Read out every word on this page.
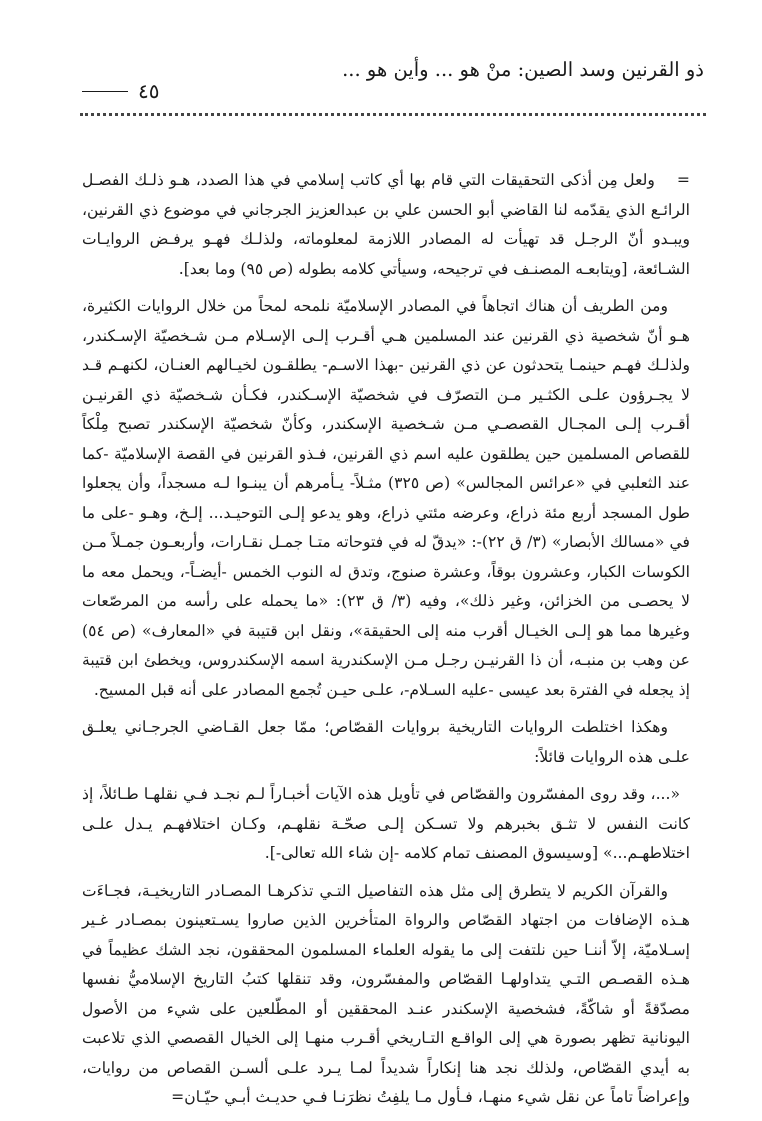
ذو القرنين وسد الصين: منْ هو ... وأين هو ...
٤٥

=ولعل مِن أذكى التحقيقات التي قام بها أي كاتب إسلامي في هذا الصدد، هـو ذلـك الفصـل الرائـع الذي يقدّمه لنا القاضي أبو الحسن علي بن عبدالعزيز الجرجاني في موضوع ذي القرنين، ويبـدو أنّ الرجـل قد تهيأت له المصادر اللازمة لمعلوماته، ولذلـك فهـو يرفـض الروايـات الشـائعة، [ويتابعـه المصنـف في ترجيحه، وسيأتي كلامه بطوله (ص ٩٥) وما بعد].

ومن الطريف أن هناك اتجاهاً في المصادر الإسلاميّة نلمحه لمحاً من خلال الروايات الكثيرة، هـو أنّ شخصية ذي القرنين عند المسلمين هـي أقـرب إلـى الإسـلام مـن شـخصيّة الإسـكندر، ولذلـك فهـم حينمـا يتحدثون عن ذي القرنين -بهذا الاسـم- يطلقـون لخيـالهم العنـان، لكنهـم قـد لا يجـرؤون علـى الكثـير مـن التصرّف في شخصيّة الإسـكندر، فكـأن شـخصيّة ذي القرنيـن أقـرب إلـى المجـال القصصـي مـن شـخصية الإسكندر، وكأنّ شخصيّة الإسكندر تصبح مِلْكاً للقصاص المسلمين حين يطلقون عليه اسم ذي القرنين، فـذو القرنين في القصة الإسلاميّة -كما عند الثعلبي في «عرائس المجالس» (ص ٣٢٥) مثـلاً- يـأمرهم أن يبنـوا لـه مسجداً، وأن يجعلوا طول المسجد أربع مئة ذراع، وعرضه مئتي ذراع، وهو يدعو إلـى التوحيـد... إلـخ، وهـو -على ما في «مسالك الأبصار» (٣/ ق ٢٢)-: «يدقّ له في فتوحاته متـا جمـل نقـارات، وأربعـون جمـلاً مـن الكوسات الكبار، وعشرون بوقاً، وعشرة صنوج، وتدق له النوب الخمس -أيضـاً-، ويحمل معه ما لا يحصـى من الخزائن، وغير ذلك»، وفيه (٣/ ق ٢٣): «ما يحمله على رأسه من المرصّعات وغيرها مما هو إلـى الخيـال أقرب منه إلى الحقيقة»، ونقل ابن قتيبة في «المعارف» (ص ٥٤) عن وهب بن منبـه، أن ذا القرنيـن رجـل مـن الإسكندرية اسمه الإسكندروس، ويخطئ ابن قتيبة إذ يجعله في الفترة بعد عيسى -عليه السـلام-، علـى حيـن تُجمع المصادر على أنه قبل المسيح.

وهكذا اختلطت الروايات التاريخية بروايات القصّاص؛ ممّا جعل القـاضي الجرجـاني يعلـق علـى هذه الروايات قائلاً:

«...، وقد روى المفسّرون والقصّاص في تأويل هذه الآيات أخبـاراً لـم نجـد فـي نقلهـا طـائلاً، إذ كانت النفس لا تثـق بخبرهم ولا تسـكن إلـى صحّـة نقلهـم، وكـان اختلافهـم يـدل علـى اختلاطهـم...» [وسيسوق المصنف تمام كلامه -إن شاء الله تعالى-].

والقرآن الكريم لا يتطرق إلى مثل هذه التفاصيل التـي تذكرهـا المصـادر التاريخيـة، فجـاءَت هـذه الإضافات من اجتهاد القصّاص والرواة المتأخرين الذين صاروا يسـتعينون بمصـادر غـير إسـلاميّة، إلاّ أننـا حين نلتفت إلى ما يقوله العلماء المسلمون المحققون، نجد الشك عظيماً في هـذه القصـص التـي يتداولهـا القصّاص والمفسّرون، وقد تنقلها كتبُ التاريخ الإسلاميُّ نفسها مصدّقةً أو شاكّةً، فشخصية الإسكندر عنـد المحققين أو المطّلعين على شيء من الأصول اليونانية تظهر بصورة هي إلى الواقـع التـاريخي أقـرب منهـا إلى الخيال القصصي الذي تلاعبت به أيدي القصّاص، ولذلك نجد هنا إنكاراً شديداً لمـا يـرد علـى ألسـن القصاص من روايات، وإعراضاً تاماً عن نقل شيء منهـا، فـأول مـا يلفِتُ نظرَنـا فـي حديـث أبـي حيّـان=
